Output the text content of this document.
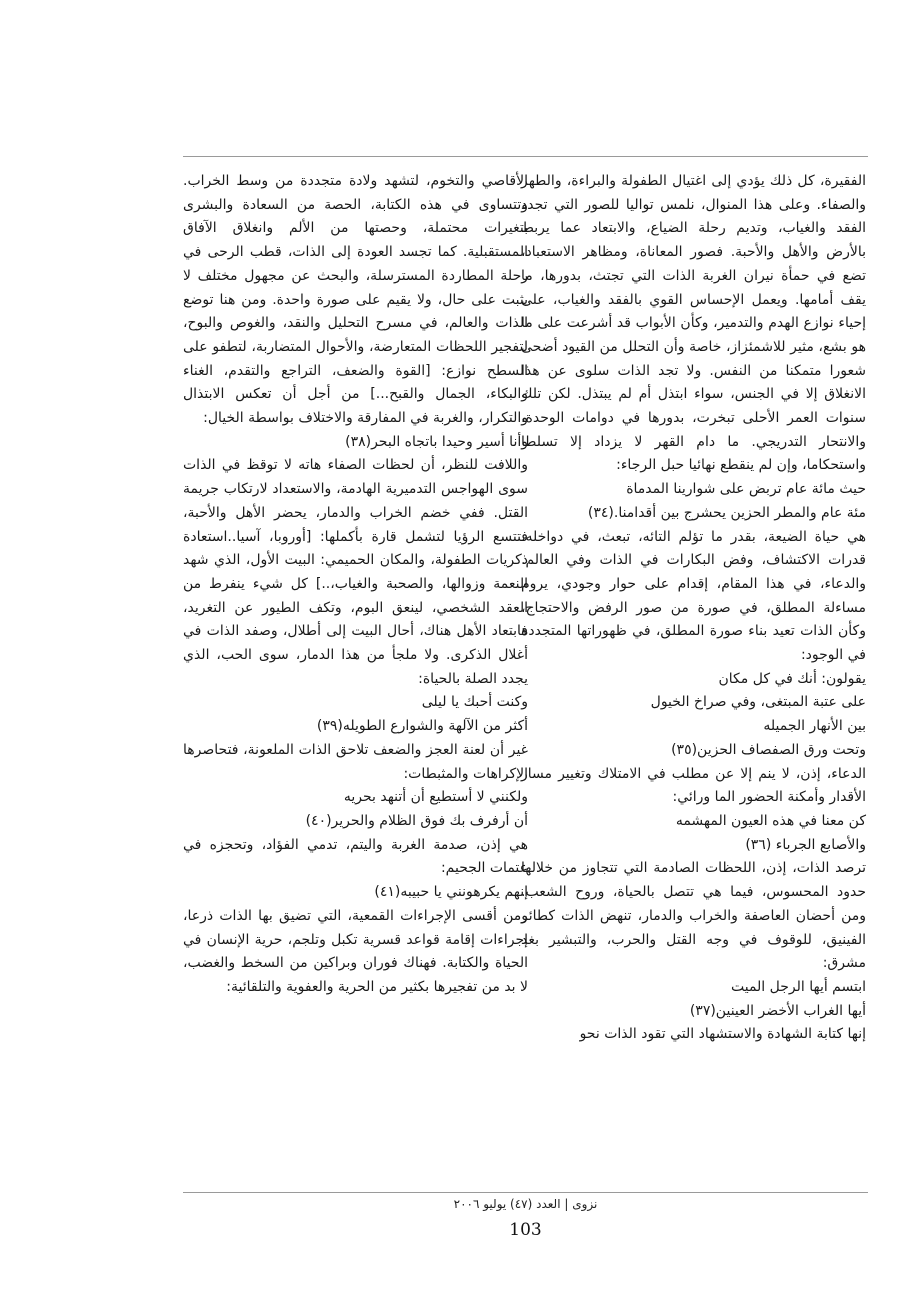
الفقيرة، كل ذلك يؤدي إلى اغتيال الطفولة والبراءة، والطهر والصفاء. وعلى هذا المنوال، نلمس تواليا للصور التي تجدد الفقد والغياب، وتديم رحلة الضياع، والابتعاد عما يربط بالأرض والأهل والأحبة. فصور المعاناة، ومظاهر الاستعباد، تضع في حمأة نيران الغربة الذات التي تجتث، بدورها، ما يقف أمامها. ويعمل الإحساس القوي بالفقد والغياب، على إحياء نوازع الهدم والتدمير، وكأن الأبواب قد أشرعت على ما هو بشع، مثير للاشمئزاز، خاصة وأن التحلل من القيود أضحى شعورا متمكنا من النفس. ولا تجد الذات سلوى عن هذا الانغلاق إلا في الجنس، سواء ابتذل أم لم يبتذل. لكن تلك سنوات العمر الأحلى تبخرت، بدورها في دوامات الوحدة، والانتحار التدريجي. ما دام القهر لا يزداد إلا تسلطا واستحكاما، وإن لم ينقطع نهائيا حبل الرجاء:

حيث مائة عام تربض على شوارينا المدماة

مئة عام والمطر الحزين يحشرج بين أقدامنا.(٣٤)

هي حياة الضيعة، بقدر ما تؤلم التائه، تبعث، في دواخله، قدرات الاكتشاف، وفض البكارات في الذات وفي العالم. والدعاء، في هذا المقام، إقدام على حوار وجودي، يروم مساءلة المطلق، في صورة من صور الرفض والاحتجاج، وكأن الذات تعيد بناء صورة المطلق، في ظهوراتها المتجددة في الوجود:

يقولون: أنك في كل مكان

على عتبة المبتغى، وفي صراخ الخيول

بين الأنهار الجميله

وتحت ورق الصفصاف الحزين(٣٥)

الدعاء، إذن، لا ينم إلا عن مطلب في الامتلاك وتغيير مسار الأقدار وأمكنة الحضور الما ورائي:

كن معنا في هذه العيون المهشمه

والأصابع الجرباء (٣٦)

ترصد الذات، إذن، اللحظات الصادمة التي تتجاوز من خلالها حدود المحسوس، فيما هي تتصل بالحياة، وروح الشعب. ومن أحضان العاصفة والخراب والدمار، تنهض الذات كطائر الفينيق، للوقوف في وجه القتل والحرب، والتبشير بغد مشرق:

ابتسم أيها الرجل الميت

أيها الغراب الأخضر العينين(٣٧)

إنها كتابة الشهادة والاستشهاد التي تقود الذات نحو

الأقاصي والتخوم، لتشهد ولادة متجددة من وسط الخراب. وتتساوى في هذه الكتابة، الحصة من السعادة والبشرى بتغيرات محتملة، وحصتها من الألم وانغلاق الآفاق المستقبلية. كما تجسد العودة إلى الذات، قطب الرحى في رحلة المطاردة المسترسلة، والبحث عن مجهول مختلف لا يثبت على حال، ولا يقيم على صورة واحدة. ومن هنا توضع الذات والعالم، في مسرح التحليل والنقد، والغوص والبوح، لتفجير اللحظات المتعارضة، والأحوال المتضاربة، لتطفو على السطح نوازع: [القوة والضعف، التراجع والتقدم، الغناء والبكاء، الجمال والقبح...] من أجل أن تعكس الابتذال والتكرار، والغربة في المفارقة والاختلاف بواسطة الخيال:

وأنا أسير وحيدا باتجاه البحر(٣٨)

واللافت للنظر، أن لحظات الصفاء هاته لا توقظ في الذات سوى الهواجس التدميرية الهادمة، والاستعداد لارتكاب جريمة القتل. ففي خضم الخراب والدمار، يحضر الأهل والأحبة، فتتسع الرؤيا لتشمل قارة بأكملها: [أوروبا، آسيا..استعادة ذكريات الطفولة، والمكان الحميمي: البيت الأول، الذي شهد النعمة وزوالها، والصحبة والغياب،..] كل شيء ينفرط من العقد الشخصي، لينعق البوم، وتكف الطيور عن التغريد، فابتعاد الأهل هناك، أحال البيت إلى أطلال، وصفد الذات في أغلال الذكرى. ولا ملجأ من هذا الدمار، سوى الحب، الذي يجدد الصلة بالحياة:

وكنت أحبك يا ليلى

أكثر من الآلهة والشوارع الطويله(٣٩)

غير أن لعنة العجز والضعف تلاحق الذات الملعونة، فتحاصرها الإكراهات والمثبطات:

ولكنني لا أستطيع أن أتنهد بحريه

أن أرفرف بك فوق الظلام والحرير(٤٠)

هي إذن، صدمة الغربة واليتم، تدمي الفؤاد، وتحجزه في عتمات الجحيم:

إنهم يكرهونني يا حبيبه(٤١)

ومن أقسى الإجراءات القمعية، التي تضيق بها الذات ذرعا، إجراءات إقامة قواعد قسرية تكبل وتلجم، حرية الإنسان في الحياة والكتابة. فهناك فوران وبراكين من السخط والغضب، لا بد من تفجيرها بكثير من الحرية والعفوية والتلقائية:

نزوى | العدد (٤٧) يوليو ٢٠٠٦
103
